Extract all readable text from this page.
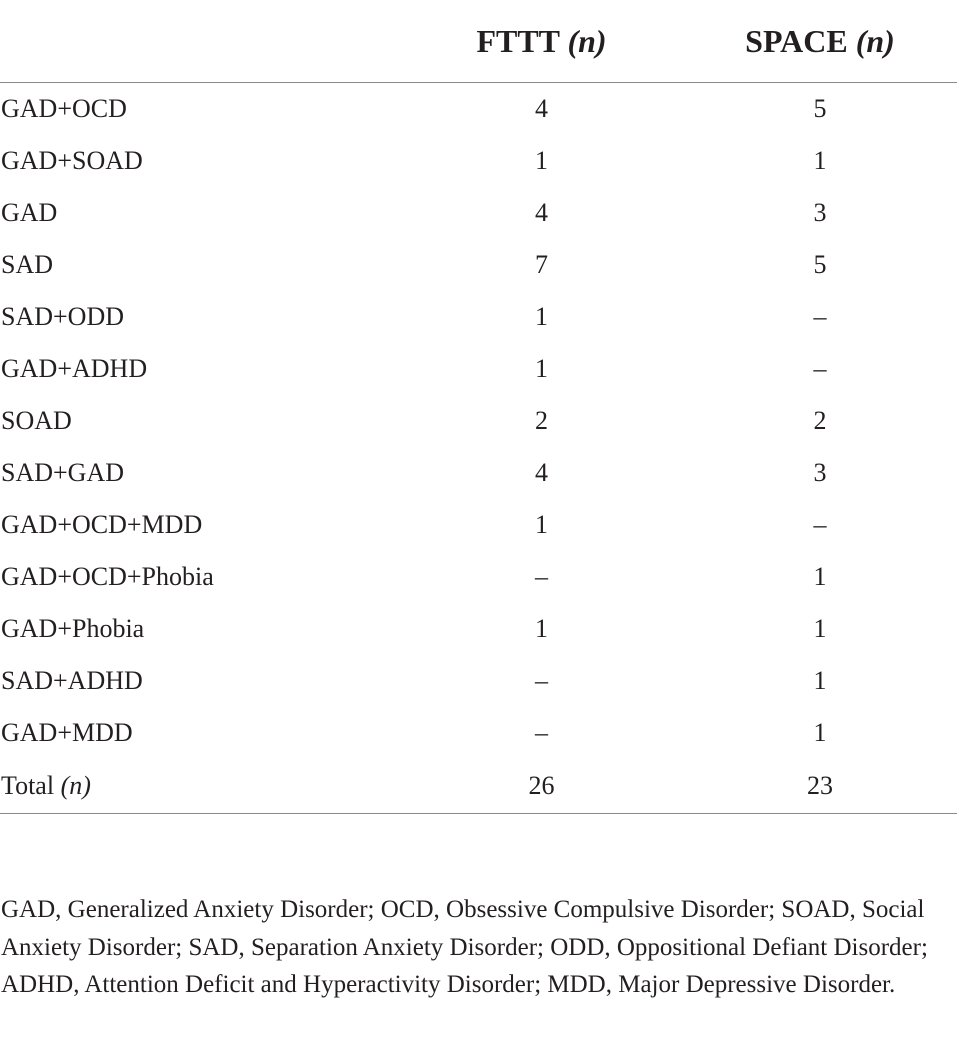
	FTTT (n)	SPACE (n)
GAD+OCD	4	5
GAD+SOAD	1	1
GAD	4	3
SAD	7	5
SAD+ODD	1	–
GAD+ADHD	1	–
SOAD	2	2
SAD+GAD	4	3
GAD+OCD+MDD	1	–
GAD+OCD+Phobia	–	1
GAD+Phobia	1	1
SAD+ADHD	–	1
GAD+MDD	–	1
Total (n)	26	23

GAD, Generalized Anxiety Disorder; OCD, Obsessive Compulsive Disorder; SOAD, Social Anxiety Disorder; SAD, Separation Anxiety Disorder; ODD, Oppositional Defiant Disorder; ADHD, Attention Deficit and Hyperactivity Disorder; MDD, Major Depressive Disorder.
